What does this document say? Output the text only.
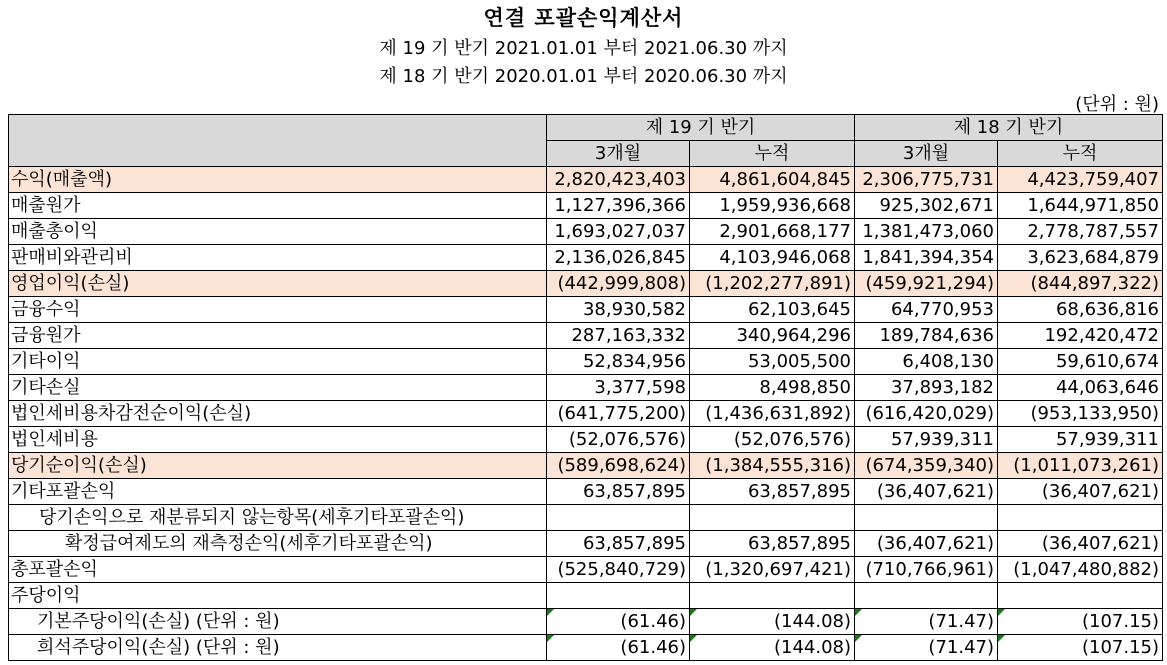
연결 포괄손익계산서
제 19 기 반기 2021.01.01 부터 2021.06.30 까지
제 18 기 반기 2020.01.01 부터 2020.06.30 까지
(단위 : 원)
	제 19 기 반기		제 18 기 반기	
	3개월	누적	3개월	누적
수익(매출액)	2,820,423,403	4,861,604,845	2,306,775,731	4,423,759,407
매출원가	1,127,396,366	1,959,936,668	925,302,671	1,644,971,850
매출총이익	1,693,027,037	2,901,668,177	1,381,473,060	2,778,787,557
판매비와관리비	2,136,026,845	4,103,946,068	1,841,394,354	3,623,684,879
영업이익(손실)	(442,999,808)	(1,202,277,891)	(459,921,294)	(844,897,322)
금융수익	38,930,582	62,103,645	64,770,953	68,636,816
금융원가	287,163,332	340,964,296	189,784,636	192,420,472
기타이익	52,834,956	53,005,500	6,408,130	59,610,674
기타손실	3,377,598	8,498,850	37,893,182	44,063,646
법인세비용차감전순이익(손실)	(641,775,200)	(1,436,631,892)	(616,420,029)	(953,133,950)
법인세비용	(52,076,576)	(52,076,576)	57,939,311	57,939,311
당기순이익(손실)	(589,698,624)	(1,384,555,316)	(674,359,340)	(1,011,073,261)
기타포괄손익	63,857,895	63,857,895	(36,407,621)	(36,407,621)
당기손익으로 재분류되지 않는항목(세후기타포괄손익)				
확정급여제도의 재측정손익(세후기타포괄손익)	63,857,895	63,857,895	(36,407,621)	(36,407,621)
총포괄손익	(525,840,729)	(1,320,697,421)	(710,766,961)	(1,047,480,882)
주당이익				
기본주당이익(손실) (단위 : 원)	(61.46)	(144.08)	(71.47)	(107.15)
희석주당이익(손실) (단위 : 원)	(61.46)	(144.08)	(71.47)	(107.15)
